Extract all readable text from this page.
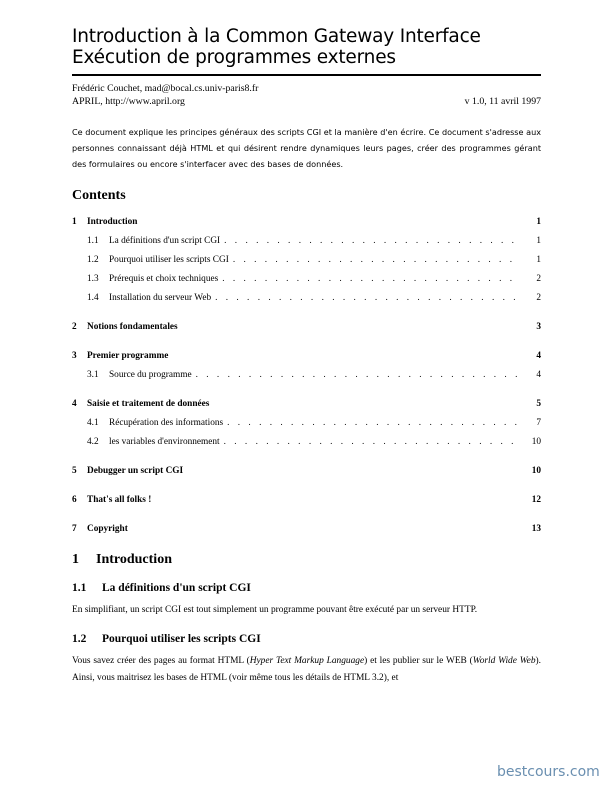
Introduction à la Common Gateway Interface
Exécution de programmes externes
Frédéric Couchet, mad@bocal.cs.univ-paris8.fr
APRIL, http://www.april.org	v 1.0, 11 avril 1997
Ce document explique les principes généraux des scripts CGI et la manière d'en écrire. Ce document s'adresse aux personnes connaissant déjà HTML et qui désirent rendre dynamiques leurs pages, créer des programmes gérant des formulaires ou encore s'interfacer avec des bases de données.
Contents
1	Introduction	1
1.1	La définitions d'un script CGI . . .	1
1.2	Pourquoi utiliser les scripts CGI . . .	1
1.3	Prérequis et choix techniques . . .	2
1.4	Installation du serveur Web . . .	2
2	Notions fondamentales	3
3	Premier programme	4
3.1	Source du programme . . .	4
4	Saisie et traitement de données	5
4.1	Récupération des informations . . .	7
4.2	les variables d'environnement . . .	10
5	Debugger un script CGI	10
6	That's all folks !	12
7	Copyright	13
1	Introduction
1.1	La définitions d'un script CGI
En simplifiant, un script CGI est tout simplement un programme pouvant être exécuté par un serveur HTTP.
1.2	Pourquoi utiliser les scripts CGI
Vous savez créer des pages au format HTML (Hyper Text Markup Language) et les publier sur le WEB (World Wide Web). Ainsi, vous maitrisez les bases de HTML (voir même tous les détails de HTML 3.2), et
bestcours.com
